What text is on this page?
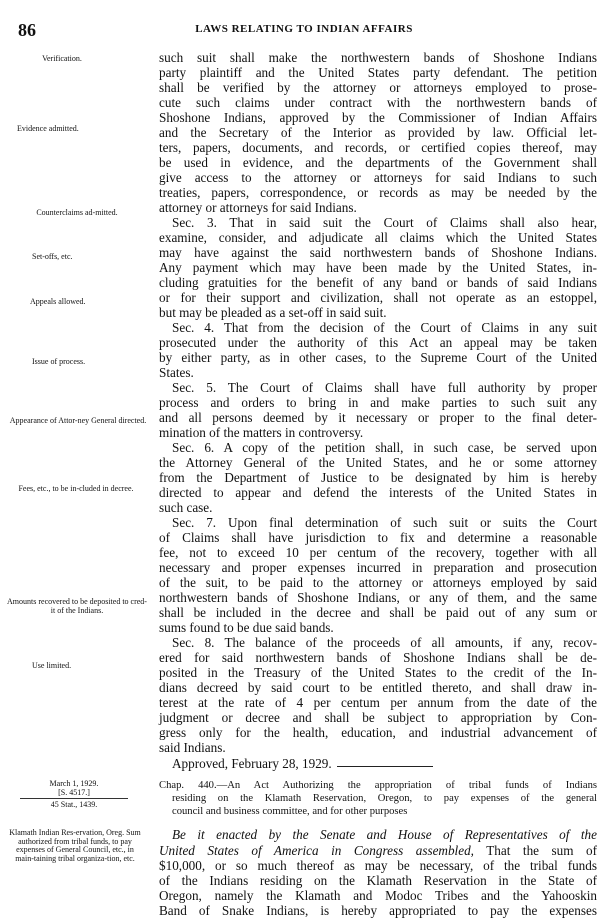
86	LAWS RELATING TO INDIAN AFFAIRS
Verification.
Evidence admitted.
Counterclaims ad-mitted.
Set-offs, etc.
Appeals allowed.
Issue of process.
Appearance of Attor-ney General directed.
Fees, etc., to be in-cluded in decree.
Amounts recovered to be deposited to cred-it of the Indians.
Use limited.
Klamath Indian Res-ervation, Oreg. Sum authorized from tribal funds, to pay expenses of General Council, etc., in main-taining tribal organiza-tion, etc.
such suit shall make the northwestern bands of Shoshone Indians
party plaintiff and the United States party defendant. The petition
shall be verified by the attorney or attorneys employed to prose-
cute such claims under contract with the northwestern bands of
Shoshone Indians, approved by the Commissioner of Indian Affairs
and the Secretary of the Interior as provided by law. Official let-
ters, papers, documents, and records, or certified copies thereof, may
be used in evidence, and the departments of the Government shall
give access to the attorney or attorneys for said Indians to such
treaties, papers, correspondence, or records as may be needed by the
attorney or attorneys for said Indians.
Sec. 3. That in said suit the Court of Claims shall also hear,
examine, consider, and adjudicate all claims which the United States
may have against the said northwestern bands of Shoshone Indians.
Any payment which may have been made by the United States, in-
cluding gratuities for the benefit of any band or bands of said Indians
or for their support and civilization, shall not operate as an estoppel,
but may be pleaded as a set-off in said suit.
Sec. 4. That from the decision of the Court of Claims in any suit
prosecuted under the authority of this Act an appeal may be taken
by either party, as in other cases, to the Supreme Court of the United
States.
Sec. 5. The Court of Claims shall have full authority by proper
process and orders to bring in and make parties to such suit any
and all persons deemed by it necessary or proper to the final deter-
mination of the matters in controversy.
Sec. 6. A copy of the petition shall, in such case, be served upon
the Attorney General of the United States, and he or some attorney
from the Department of Justice to be designated by him is hereby
directed to appear and defend the interests of the United States in
such case.
Sec. 7. Upon final determination of such suit or suits the Court
of Claims shall have jurisdiction to fix and determine a reasonable
fee, not to exceed 10 per centum of the recovery, together with all
necessary and proper expenses incurred in preparation and prosecution
of the suit, to be paid to the attorney or attorneys employed by said
northwestern bands of Shoshone Indians, or any of them, and the same
shall be included in the decree and shall be paid out of any sum or
sums found to be due said bands.
Sec. 8. The balance of the proceeds of all amounts, if any, recov-
ered for said northwestern bands of Shoshone Indians shall be de-
posited in the Treasury of the United States to the credit of the In-
dians decreed by said court to be entitled thereto, and shall draw in-
terest at the rate of 4 per centum per annum from the date of the
judgment or decree and shall be subject to appropriation by Con-
gress only for the health, education, and industrial advancement of
said Indians.
Approved, February 28, 1929.
March 1, 1929.
[S. 4517.]
45 Stat., 1439.
Chap. 440.—An Act Authorizing the appropriation of tribal funds of Indians
residing on the Klamath Reservation, Oregon, to pay expenses of the general
council and business committee, and for other purposes
Be it enacted by the Senate and House of Representatives of the
United States of America in Congress assembled, That the sum of
$10,000, or so much thereof as may be necessary, of the tribal funds
of the Indians residing on the Klamath Reservation in the State of
Oregon, namely the Klamath and Modoc Tribes and the Yahooskin
Band of Snake Indians, is hereby appropriated to pay the expenses
